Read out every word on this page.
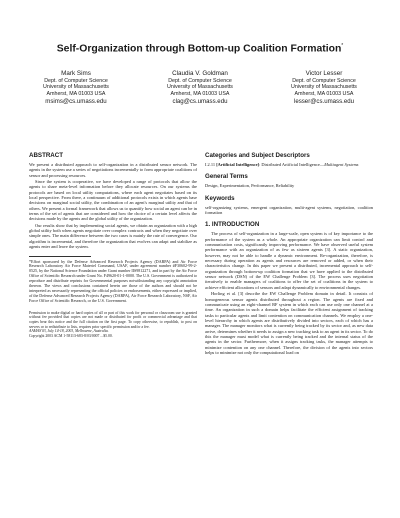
Self-Organization through Bottom-up Coalition Formation*
Mark Sims
Dept. of Computer Science
University of Massachusetts
Amherst, MA 01003 USA
msims@cs.umass.edu
Claudia V. Goldman
Dept. of Computer Science
University of Massachusetts
Amherst, MA 01003 USA
clag@cs.umass.edu
Victor Lesser
Dept. of Computer Science
University of Massachusetts
Amherst, MA 01003 USA
lesser@cs.umass.edu
ABSTRACT

We present a distributed approach to self-organization in a distributed sensor network. The agents in the system use a series of negotiations incrementally to form appropriate coalitions of sensor and processing resources.

Since the system is cooperative, we have developed a range of protocols that allow the agents to share meta-level information before they allocate resources. On our systems the protocols are based on local utility computations, where each agent negotiates based on its local perspective. From there, a continuum of additional protocols exists in which agents base decisions on marginal social utility, the combination of an agent's marginal utility and that of others. We present a formal framework that allows us to quantify how social an agent can be in terms of the set of agents that are considered and how the choice of a certain level affects the decisions made by the agents and the global utility of the organization.

Our results show that by implementing social agents, we obtain an organization with a high global utility both when agents negotiate over complex contracts and when they negotiate over simple ones. The main difference between the two cases is mainly the rate of convergence. Our algorithm is incremental, and therefore the organization that evolves can adapt and stabilize as agents enter and leave the system.

*Effort sponsored by the Defense Advanced Research Projects Agency (DARPA) and Air Force Research Laboratory Air Force Materiel Command, USAF, under agreement number #F30602-99-2-0525, by the National Science Foundation under Grant number IIS9812271, and in part by the Air Force Office of Scientific Research under Grant No. F49620-01-1-0000. The U.S. Government is authorized to reproduce and distribute reprints for Governmental purposes notwithstanding any copyright annotation thereon. The views and conclusions contained herein are those of the authors and should not be interpreted as necessarily representing the official policies or endorsements, either expressed or implied, of the Defense Advanced Research Projects Agency (DARPA), Air Force Research Laboratory, NSF, Air Force Office of Scientific Research, or the U.S. Government.

Permission to make digital or hard copies of all or part of this work for personal or classroom use is granted without fee provided that copies are not made or distributed for profit or commercial advantage and that copies bear this notice and the full citation on the first page. To copy otherwise, to republish, to post on servers or to redistribute to lists, requires prior specific permission and/or a fee.
AAMAS'03, July 14-18, 2003, Melbourne, Australia.
Copyright 2003 ACM 1-58113-683-8/03/0007 ...$5.00.
Categories and Subject Descriptors

I.2.11 [Artificial Intelligence]: Distributed Artificial Intelligence—Multiagent Systems

General Terms

Design, Experimentation, Performance, Reliability

Keywords

self-organizing systems, emergent organization, multi-agent systems, negotiation, coalition formation

1. INTRODUCTION

The process of self-organization in a large-scale, open system is of key importance to the performance of the system as a whole. An appropriate organization can limit control and communication costs, significantly improving performance. We have observed useful system performance with an organization of as few as sixteen agents [3]. A static organization, however, may not be able to handle a dynamic environment. Re-organization, therefore, is necessary during operation as agents and resources are removed or added, or when their characteristics change. In this paper we present a distributed, incremental approach to self-organization through bottom-up coalition formation that we have applied to the distributed sensor network (DSN) of the EW Challenge Problem [3]. The process uses negotiation iteratively to enable managers of coalitions to offer the set of coalitions in the system to achieve efficient allocations of sensors and adapt dynamically to environmental changes.

Horling et al. [3] describe the EW Challenge Problem domain in detail. It consists of homogeneous sensor agents distributed throughout a region. The agents are fixed and communicate using an eight-channel RF system in which each can use only one channel at a time. An organization in such a domain helps facilitate the efficient assignment of tracking tasks to particular agents and limit contention on communication channels. We employ a one-level hierarchy in which agents are distributively divided into sectors, each of which has a manager. The manager monitors what is currently being tracked by its sector and, as new data arrive, determines whether it needs to assign a new tracking task to an agent in its sector. To do this the manager must model what is currently being tracked and the internal status of the agents in the sector. Furthermore, when it assigns tracking tasks, the manager attempts to minimize contention on any one channel. Therefore, the division of the agents into sectors helps to minimize not only the computational load on
